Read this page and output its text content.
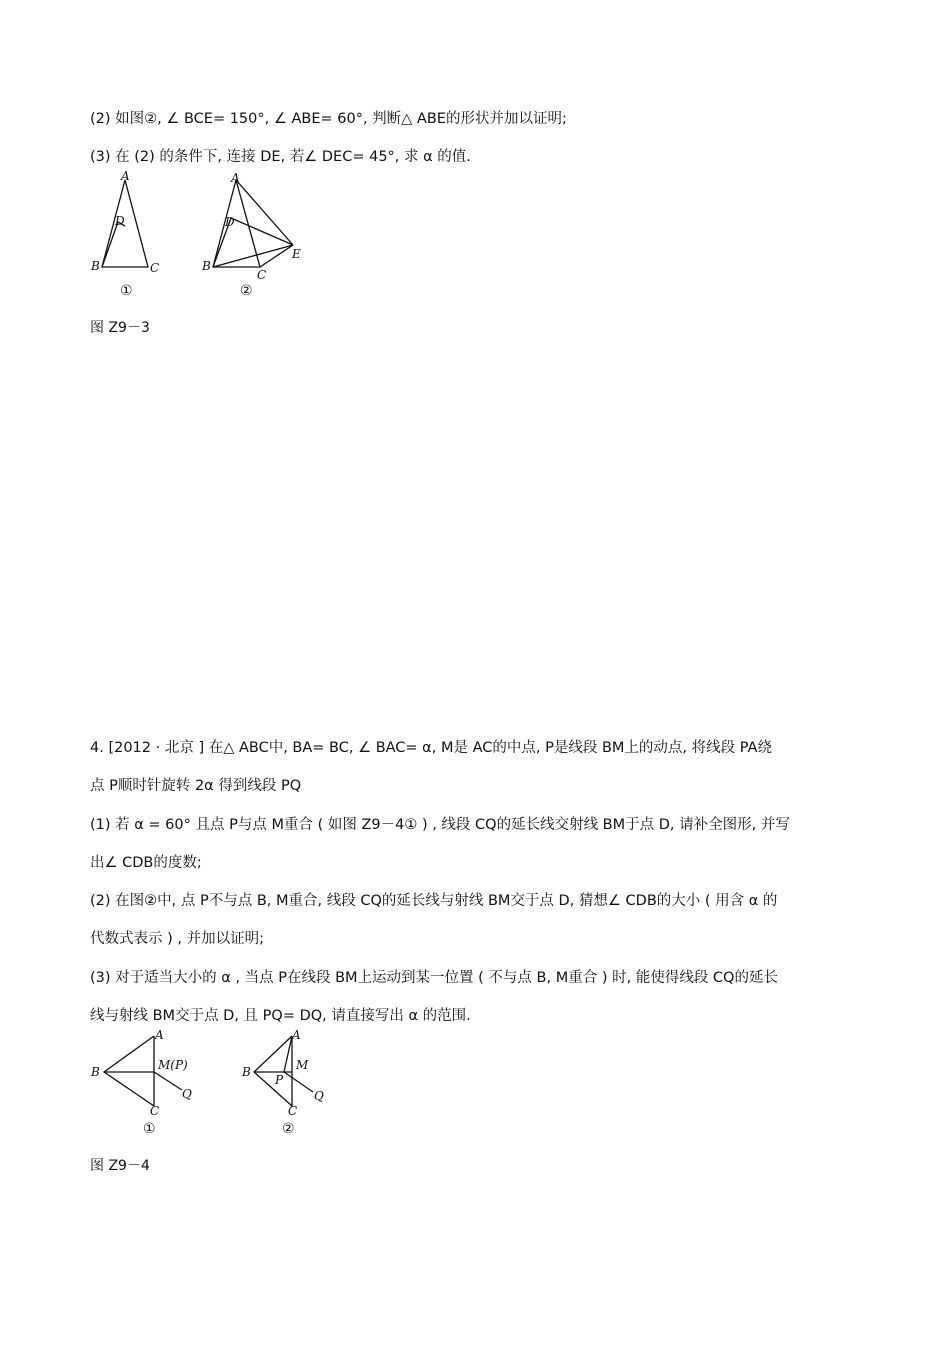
(2) 如图②, ∠ BCE= 150°, ∠ ABE= 60°, 判断△ ABE的形状并加以证明;
(3) 在 (2) 的条件下, 连接 DE, 若∠ DEC= 45°, 求 α 的值.
A
B	C
D
①
A
B
C
D
E
②
图 Z9－3
4. [2012 · 北京 ] 在△ ABC中, BA= BC, ∠ BAC= α, M是 AC的中点, P是线段 BM上的动点, 将线段 PA绕
点 P顺时针旋转 2α 得到线段 PQ
(1) 若 α = 60° 且点 P与点 M重合 ( 如图 Z9－4① ) , 线段 CQ的延长线交射线 BM于点 D, 请补全图形, 并写
出∠ CDB的度数;
(2) 在图②中, 点 P不与点 B, M重合, 线段 CQ的延长线与射线 BM交于点 D, 猜想∠ CDB的大小 ( 用含 α 的
代数式表示 ) , 并加以证明;
(3) 对于适当大小的 α , 当点 P在线段 BM上运动到某一位置 ( 不与点 B, M重合 ) 时, 能使得线段 CQ的延长
线与射线 BM交于点 D, 且 PQ= DQ, 请直接写出 α 的范围.
A
B
C
M(P)
Q
①
A
B
C
M
P
Q
②
图 Z9－4
